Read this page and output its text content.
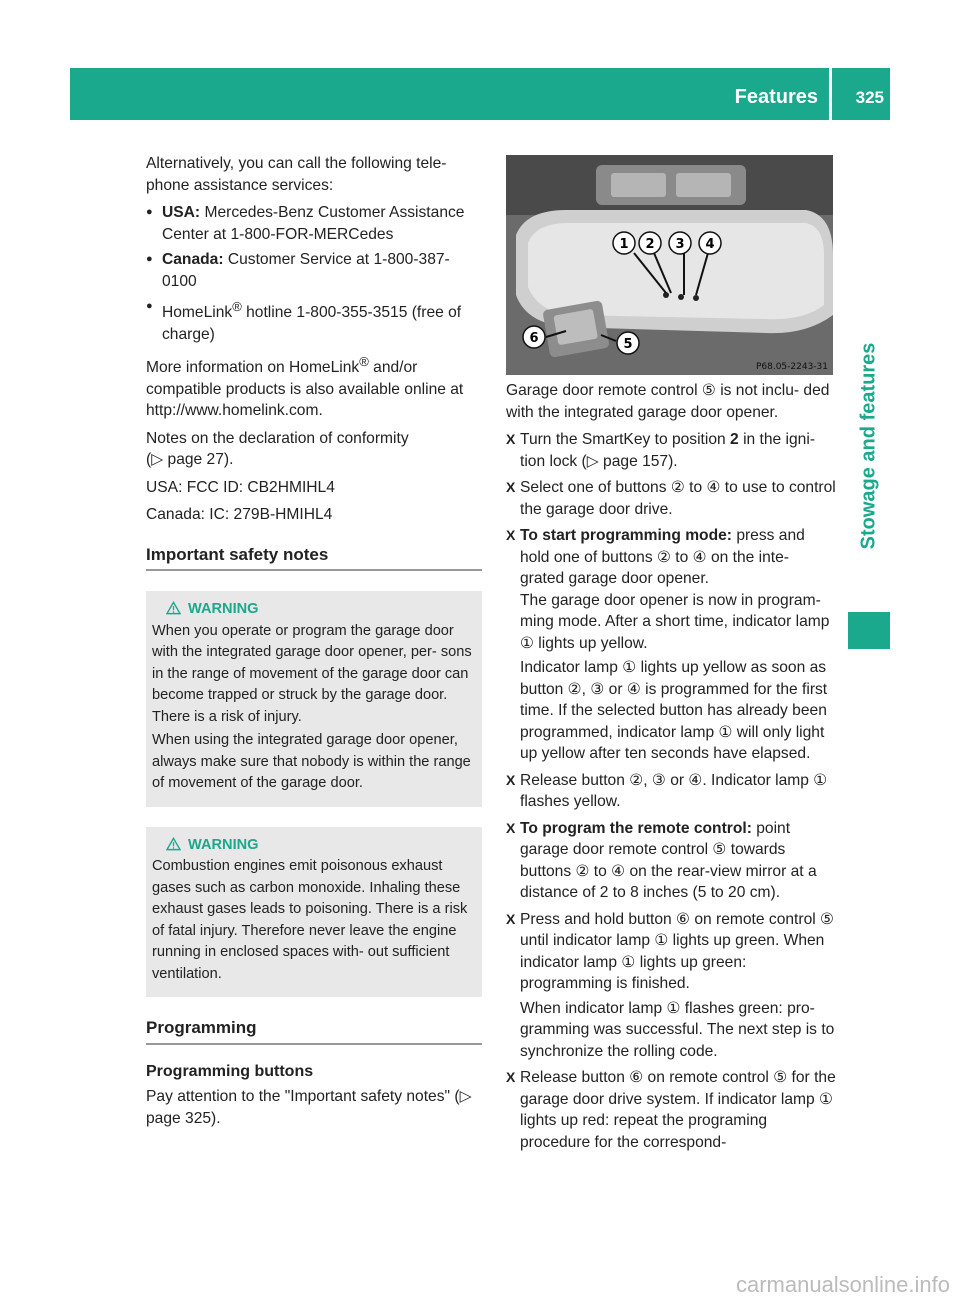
Features 325
Stowage and features

Alternatively, you can call the following tele- phone assistance services:

● USA: Mercedes-Benz Customer Assistance Center at 1-800-FOR-MERCedes
● Canada: Customer Service at 1-800-387-0100
● HomeLink® hotline 1-800-355-3515 (free of charge)

More information on HomeLink® and/or compatible products is also available online at http://www.homelink.com.

Notes on the declaration of conformity
(▷ page 27).

USA: FCC ID: CB2HMIHL4

Canada: IC: 279B-HMIHL4

Important safety notes
WARNING

When you operate or program the garage door with the integrated garage door opener, per- sons in the range of movement of the garage door can become trapped or struck by the garage door. There is a risk of injury.

When using the integrated garage door opener, always make sure that nobody is within the range of movement of the garage door.

WARNING

Combustion engines emit poisonous exhaust gases such as carbon monoxide. Inhaling these exhaust gases leads to poisoning. There is a risk of fatal injury. Therefore never leave the engine running in enclosed spaces with- out sufficient ventilation.

Programming
Programming buttons

Pay attention to the "Important safety notes" (▷ page 325).

1 2 3 4
6	5
P68.05-2243-31

Garage door remote control ⑤ is not inclu- ded with the integrated garage door opener.

X Turn the SmartKey to position 2 in the igni- tion lock (▷ page 157).
X Select one of buttons ② to ④ to use to control the garage door drive.
X To start programming mode: press and hold one of buttons ② to ④ on the inte- grated garage door opener.

The garage door opener is now in program- ming mode. After a short time, indicator lamp ① lights up yellow.

Indicator lamp ① lights up yellow as soon as button ②, ③ or ④ is programmed for the first time. If the selected button has already been programmed, indicator lamp ① will only light up yellow after ten seconds have elapsed.

X Release button ②, ③ or ④. Indicator lamp ① flashes yellow.
X To program the remote control: point garage door remote control ⑤ towards buttons ② to ④ on the rear-view mirror at a distance of 2 to 8 inches (5 to 20 cm).
X Press and hold button ⑥ on remote control ⑤ until indicator lamp ① lights up green. When indicator lamp ① lights up green: programming is finished.

When indicator lamp ① flashes green: pro- gramming was successful. The next step is to synchronize the rolling code.

X Release button ⑥ on remote control ⑤ for the garage door drive system. If indicator lamp ① lights up red: repeat the programing procedure for the correspond-
carmanualsonline.info
